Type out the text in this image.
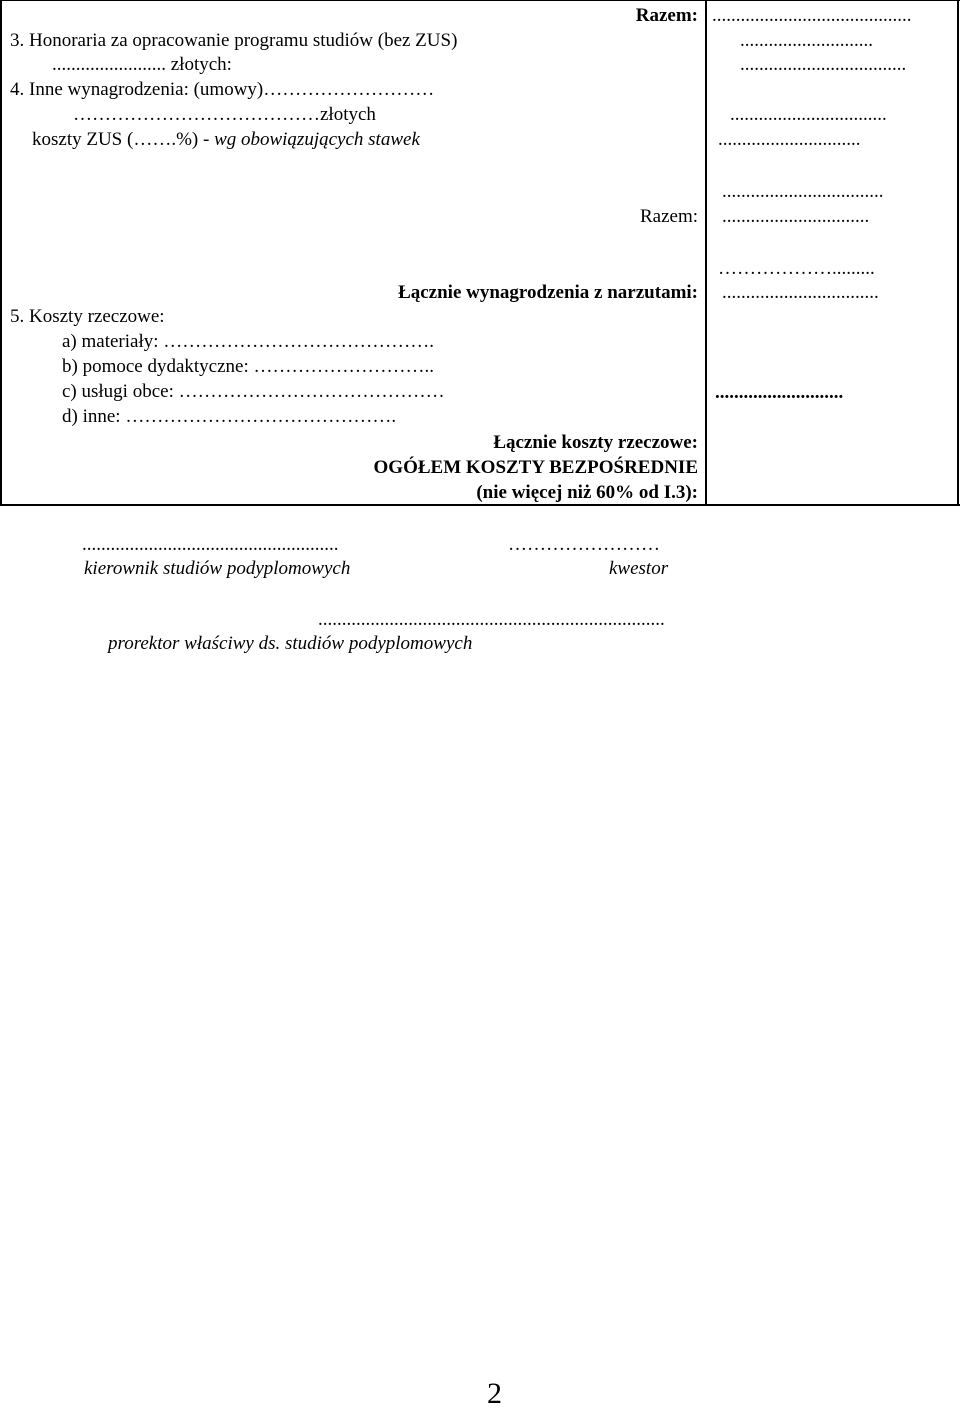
3. Honoraria za opracowanie programu studiów (bez ZUS)
........................ złotych:
4. Inne wynagrodzenia: (umowy)………………………
…………………………………złotych
koszty ZUS (…….%) - wg obowiązujących stawek
Razem:
Razem:
Łącznie wynagrodzenia z narzutami:
5. Koszty rzeczowe:
a) materiały: …………………………………….
b) pomoce dydaktyczne: ………………………..
c) usługi obce: ……………………………………
d) inne: …………………………………….
Łącznie koszty rzeczowe:
OGÓŁEM KOSZTY BEZPOŚREDNIE
(nie więcej niż 60% od I.3):
..........................................
............................
...................................
.................................
..............................
..................................
...............................
……………….........
.................................
...........................
......................................................	……………………
kierownik studiów podyplomowych	kwestor
.........................................................................
prorektor właściwy ds. studiów podyplomowych
2
